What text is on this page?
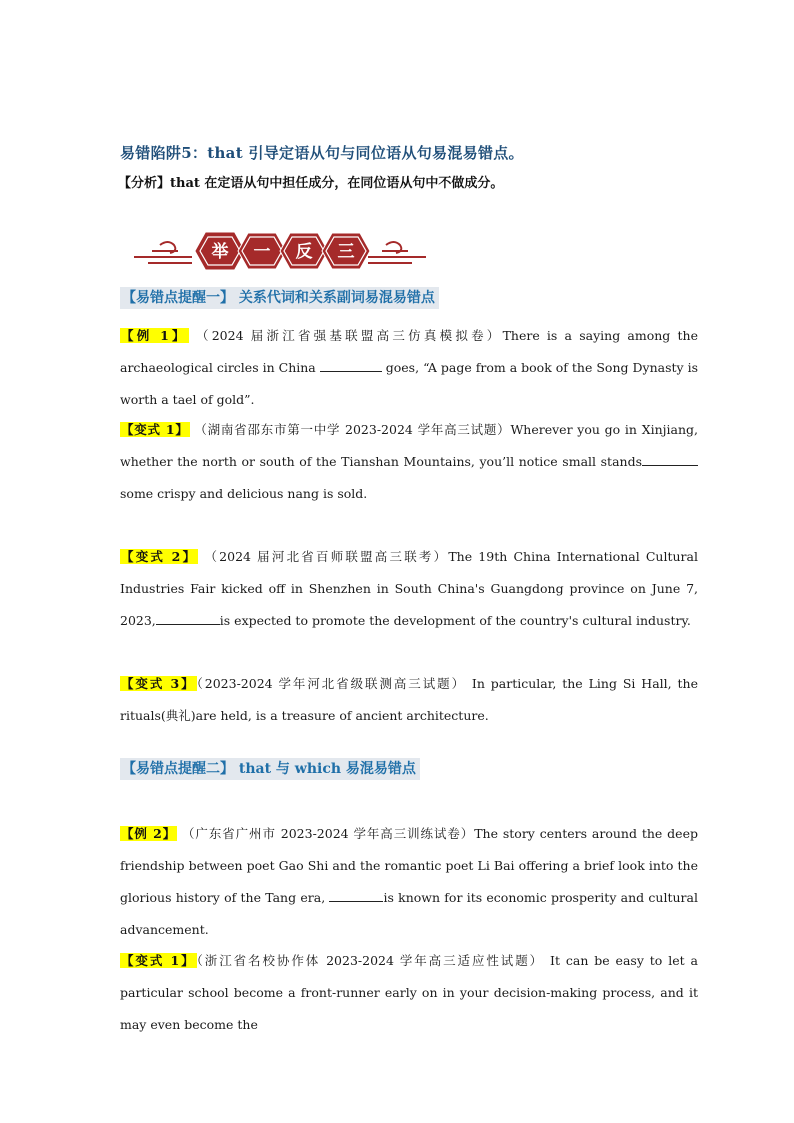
易错陷阱5：that 引导定语从句与同位语从句易混易错点。
【分析】that 在定语从句中担任成分，在同位语从句中不做成分。
举 一 反 三
【易错点提醒一】 关系代词和关系副词易混易错点
【例 1】 （2024 届浙江省强基联盟高三仿真模拟卷）There is a saying among the archaeological circles in China	goes, “A page from a book of the Song Dynasty is worth a tael of gold”.
【变式 1】 （湖南省邵东市第一中学 2023-2024 学年高三试题）Wherever you go in Xinjiang, whether the north or south of the Tianshan Mountains, you’ll notice small standssome crispy and delicious nang is sold.
【变式 2】 （2024 届河北省百师联盟高三联考）The 19th China International Cultural Industries Fair kicked off in Shenzhen in South China's Guangdong province on June 7, 2023,	is expected to promote the development of the country's cultural industry.
【变式 3】（2023-2024 学年河北省级联测高三试题） In particular, the Ling Si Hall, the rituals(典礼)are held, is a treasure of ancient architecture.
【易错点提醒二】 that 与 which 易混易错点
【例 2】 （广东省广州市 2023-2024 学年高三训练试卷）The story centers around the deep friendship between poet Gao Shi and the romantic poet Li Bai offering a brief look into the glorious history of the Tang era,	is known for its economic prosperity and cultural advancement.
【变式 1】（浙江省名校协作体 2023-2024 学年高三适应性试题） It can be easy to let a particular school become a front-runner early on in your decision-making process, and it may even become the
